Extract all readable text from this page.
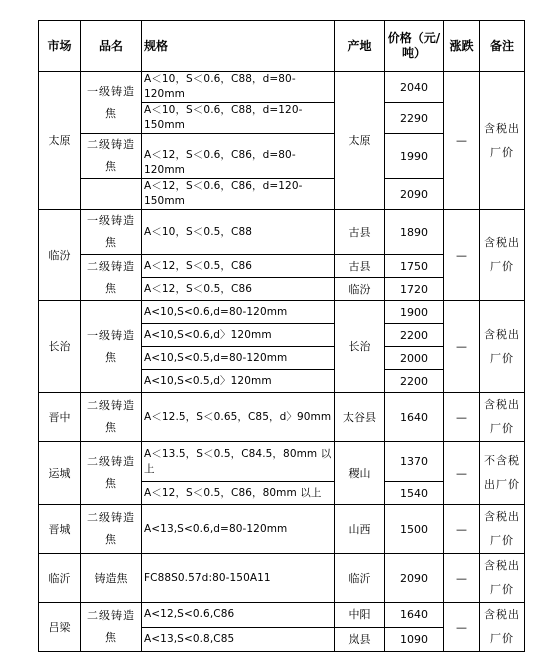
市场	品名	规格	产地	价格（元/吨）	涨跌	备注
太原	一级铸造焦	A＜10，S＜0.6，C88，d=80-120mm	太原	2040	—	含税出厂价
		A＜10，S＜0.6，C88，d=120-150mm		2290		
	二级铸造焦	A＜12，S＜0.6，C86，d=80-120mm		1990		
		A＜12，S＜0.6，C86，d=120-150mm		2090		
临汾	一级铸造焦	A＜10，S＜0.5，C88	古县	1890	—	含税出厂价
	二级铸造焦	A＜12，S＜0.5，C86	古县	1750		
		A＜12，S＜0.5，C86	临汾	1720		
长治	一级铸造焦	A<10,S<0.6,d=80-120mm	长治	1900	—	含税出厂价
		A<10,S<0.6,d〉120mm		2200		
		A<10,S<0.5,d=80-120mm		2000		
		A<10,S<0.5,d〉120mm		2200		
晋中	二级铸造焦	A＜12.5，S＜0.65，C85，d〉90mm	太谷县	1640	—	含税出厂价
运城	二级铸造焦	A＜13.5，S＜0.5，C84.5，80mm 以上	稷山	1370	—	不含税出厂价
		A＜12，S＜0.5，C86，80mm 以上		1540		
晋城	二级铸造焦	A<13,S<0.6,d=80-120mm	山西	1500	—	含税出厂价
临沂	铸造焦	FC88S0.57d:80-150A11	临沂	2090	—	含税出厂价
吕梁	二级铸造焦	A<12,S<0.6,C86	中阳	1640	—	含税出厂价
		A<13,S<0.8,C85	岚县	1090		
